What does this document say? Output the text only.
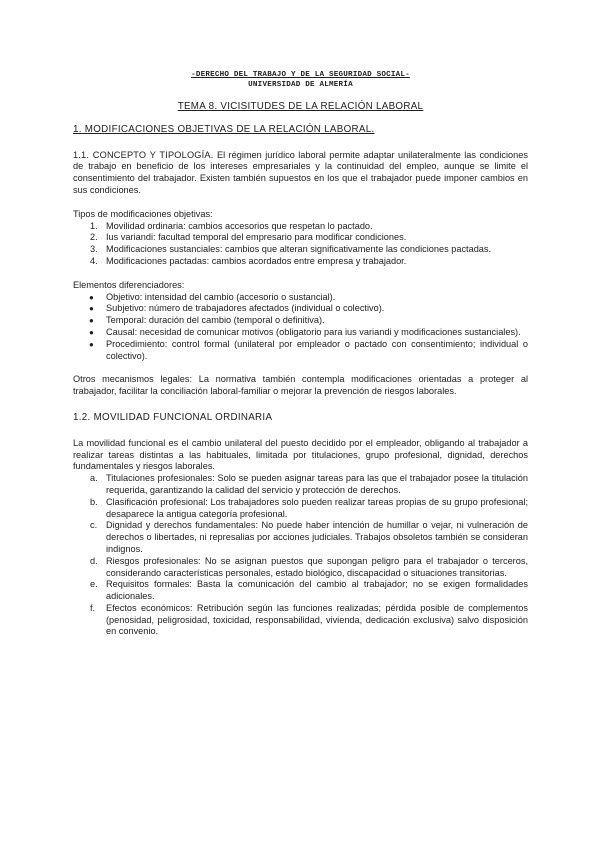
-DERECHO DEL TRABAJO Y DE LA SEGURIDAD SOCIAL-
UNIVERSIDAD DE ALMERÍA
TEMA 8. VICISITUDES DE LA RELACIÓN LABORAL
1. MODIFICACIONES OBJETIVAS DE LA RELACIÓN LABORAL.

1.1. CONCEPTO Y TIPOLOGÍA. El régimen jurídico laboral permite adaptar unilateralmente las condiciones de trabajo en beneficio de los intereses empresariales y la continuidad del empleo, aunque se limite el consentimiento del trabajador. Existen también supuestos en los que el trabajador puede imponer cambios en sus condiciones.

Tipos de modificaciones objetivas:
1. Movilidad ordinaria: cambios accesorios que respetan lo pactado.
2. Ius variandi: facultad temporal del empresario para modificar condiciones.
3. Modificaciones sustanciales: cambios que alteran significativamente las condiciones pactadas.
4. Modificaciones pactadas: cambios acordados entre empresa y trabajador.
Elementos diferenciadores:
● Objetivo: intensidad del cambio (accesorio o sustancial).
● Subjetivo: número de trabajadores afectados (individual o colectivo).
● Temporal: duración del cambio (temporal o definitiva).
● Causal: necesidad de comunicar motivos (obligatorio para ius variandi y modificaciones sustanciales).
● Procedimiento: control formal (unilateral por empleador o pactado con consentimiento; individual o colectivo).

Otros mecanismos legales: La normativa también contempla modificaciones orientadas a proteger al trabajador, facilitar la conciliación laboral-familiar o mejorar la prevención de riesgos laborales.

1.2. MOVILIDAD FUNCIONAL ORDINARIA

La movilidad funcional es el cambio unilateral del puesto decidido por el empleador, obligando al trabajador a realizar tareas distintas a las habituales, limitada por titulaciones, grupo profesional, dignidad, derechos fundamentales y riesgos laborales.

a. Titulaciones profesionales: Solo se pueden asignar tareas para las que el trabajador posee la titulación requerida, garantizando la calidad del servicio y protección de derechos.
b. Clasificación profesional: Los trabajadores solo pueden realizar tareas propias de su grupo profesional; desaparece la antigua categoría profesional.
c. Dignidad y derechos fundamentales: No puede haber intención de humillar o vejar, ni vulneración de derechos o libertades, ni represalias por acciones judiciales. Trabajos obsoletos también se consideran indignos.
d. Riesgos profesionales: No se asignan puestos que supongan peligro para el trabajador o terceros, considerando características personales, estado biológico, discapacidad o situaciones transitorias.
e. Requisitos formales: Basta la comunicación del cambio al trabajador; no se exigen formalidades adicionales.
f. Efectos económicos: Retribución según las funciones realizadas; pérdida posible de complementos (penosidad, peligrosidad, toxicidad, responsabilidad, vivienda, dedicación exclusiva) salvo disposición en convenio.
